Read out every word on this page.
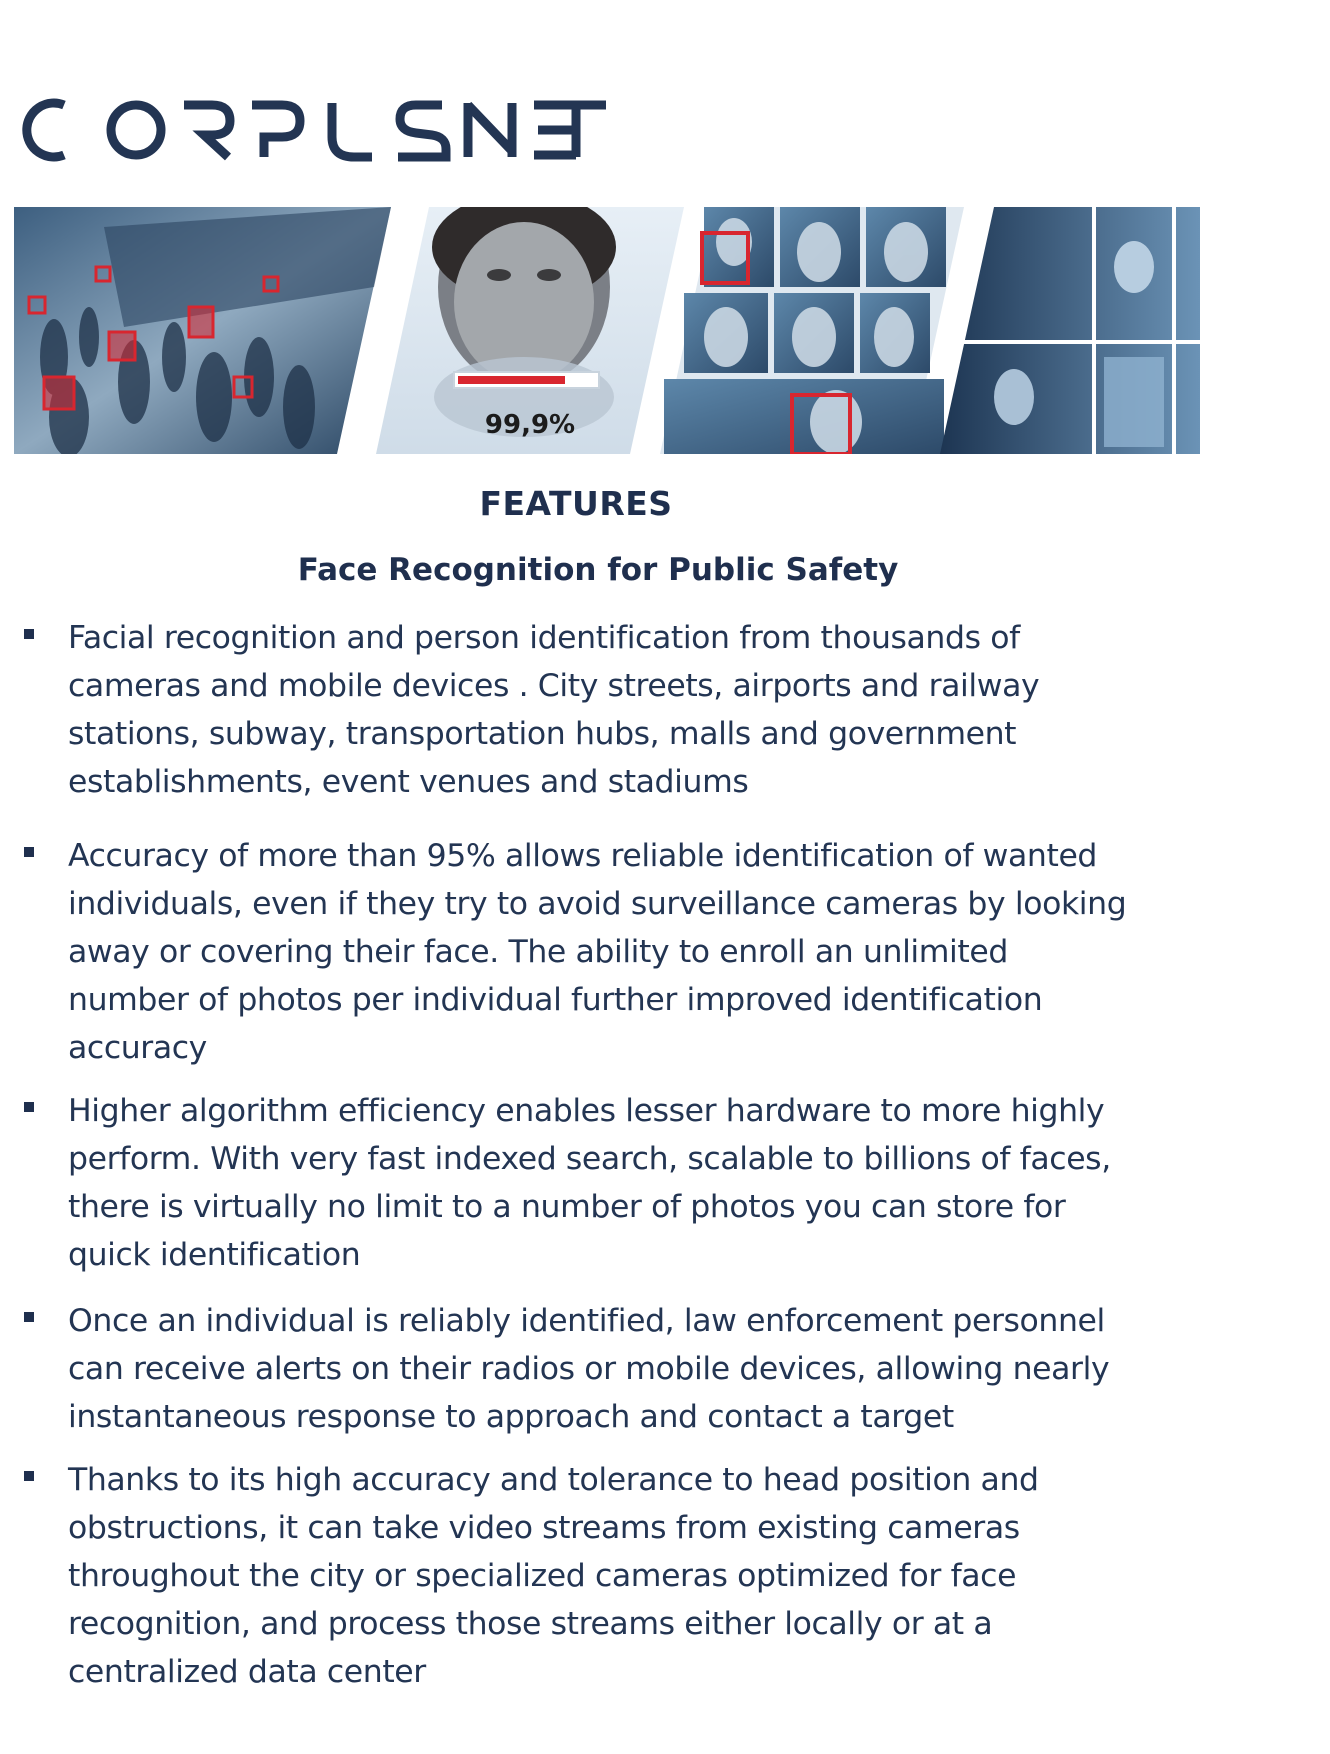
99,9%
FEATURES
Face Recognition for Public Safety

Facial recognition and person identification from thousands of
cameras and mobile devices . City streets, airports and railway
stations, subway, transportation hubs, malls and government
establishments, event venues and stadiums

Accuracy of more than 95% allows reliable identification of wanted
individuals, even if they try to avoid surveillance cameras by looking
away or covering their face. The ability to enroll an unlimited
number of photos per individual further improved identification
accuracy

Higher algorithm efficiency enables lesser hardware to more highly
perform. With very fast indexed search, scalable to billions of faces,
there is virtually no limit to a number of photos you can store for
quick identification

Once an individual is reliably identified, law enforcement personnel
can receive alerts on their radios or mobile devices, allowing nearly
instantaneous response to approach and contact a target

Thanks to its high accuracy and tolerance to head position and
obstructions, it can take video streams from existing cameras
throughout the city or specialized cameras optimized for face
recognition, and process those streams either locally or at a
centralized data center
